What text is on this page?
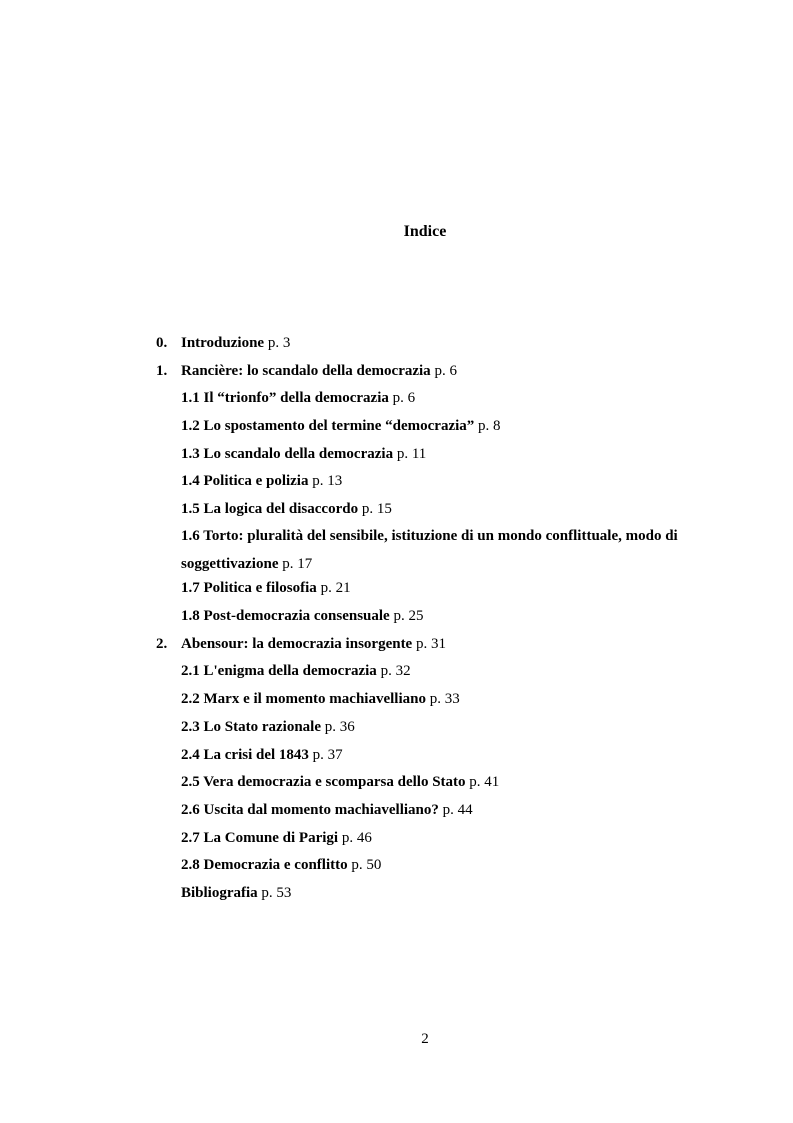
Indice
0. Introduzione p. 3
1. Rancière: lo scandalo della democrazia p. 6
1.1 Il “trionfo” della democrazia p. 6
1.2 Lo spostamento del termine “democrazia” p. 8
1.3 Lo scandalo della democrazia p. 11
1.4 Politica e polizia p. 13
1.5 La logica del disaccordo p. 15
1.6 Torto: pluralità del sensibile, istituzione di un mondo conflittuale, modo di soggettivazione p. 17
1.7 Politica e filosofia p. 21
1.8 Post-democrazia consensuale p. 25
2. Abensour: la democrazia insorgente p. 31
2.1 L'enigma della democrazia p. 32
2.2 Marx e il momento machiavelliano p. 33
2.3 Lo Stato razionale p. 36
2.4 La crisi del 1843 p. 37
2.5 Vera democrazia e scomparsa dello Stato p. 41
2.6 Uscita dal momento machiavelliano? p. 44
2.7 La Comune di Parigi p. 46
2.8 Democrazia e conflitto p. 50
Bibliografia p. 53
2
